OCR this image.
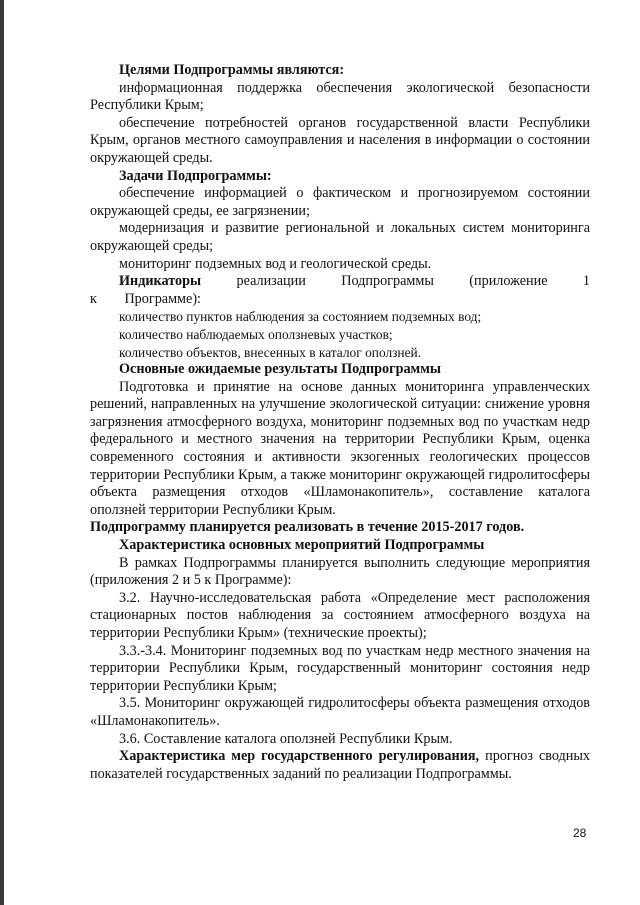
Целями Подпрограммы являются:

информационная поддержка обеспечения экологической безопасности Республики Крым;

обеспечение потребностей органов государственной власти Республики Крым, органов местного самоуправления и населения в информации о состоянии окружающей среды.

Задачи Подпрограммы:

обеспечение информацией о фактическом и прогнозируемом состоянии окружающей среды, ее загрязнении;

модернизация и развитие региональной и локальных систем мониторинга окружающей среды;

мониторинг подземных вод и геологической среды.

Индикаторы реализации Подпрограммы (приложение 1 к Программе):

количество пунктов наблюдения за состоянием подземных вод;

количество наблюдаемых оползневых участков;

количество объектов, внесенных в каталог оползней.

Основные ожидаемые результаты Подпрограммы

Подготовка и принятие на основе данных мониторинга управленческих решений, направленных на улучшение экологической ситуации: снижение уровня загрязнения атмосферного воздуха, мониторинг подземных вод по участкам недр федерального и местного значения на территории Республики Крым, оценка современного состояния и активности экзогенных геологических процессов территории Республики Крым, а также мониторинг окружающей гидролитосферы объекта размещения отходов «Шламонакопитель», составление каталога оползней территории Республики Крым.

Подпрограмму планируется реализовать в течение 2015-2017 годов.

Характеристика основных мероприятий Подпрограммы

В рамках Подпрограммы планируется выполнить следующие мероприятия (приложения 2 и 5 к Программе):

3.2. Научно-исследовательская работа «Определение мест расположения стационарных постов наблюдения за состоянием атмосферного воздуха на территории Республики Крым» (технические проекты);

3.3.-3.4. Мониторинг подземных вод по участкам недр местного значения на территории Республики Крым, государственный мониторинг состояния недр территории Республики Крым;

3.5. Мониторинг окружающей гидролитосферы объекта размещения отходов «Шламонакопитель».

3.6. Составление каталога оползней Республики Крым.

Характеристика мер государственного регулирования, прогноз сводных показателей государственных заданий по реализации Подпрограммы.

28
